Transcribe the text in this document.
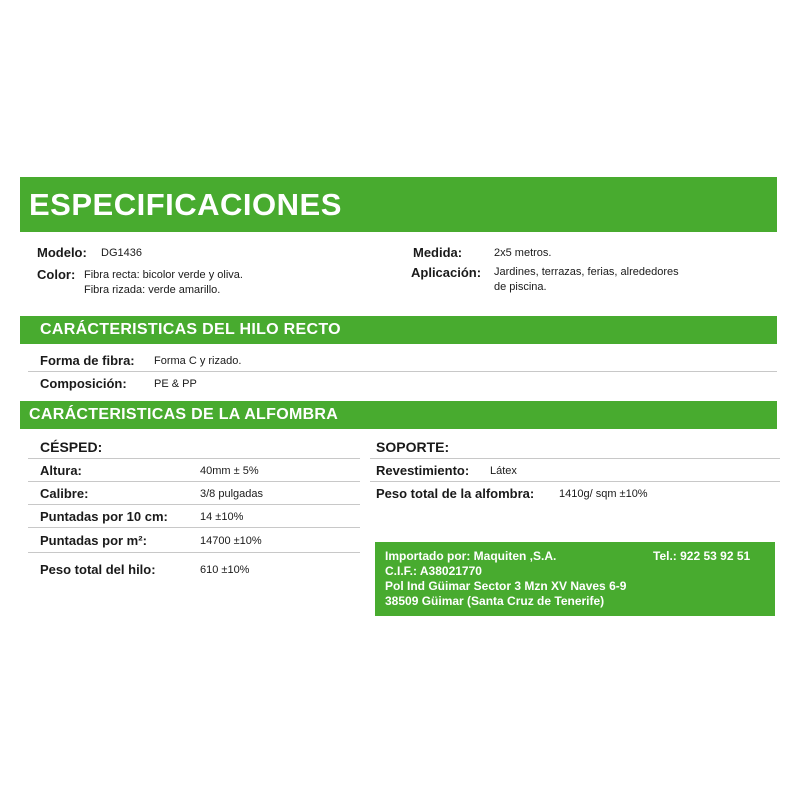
ESPECIFICACIONES
Modelo: DG1436
Color: Fibra recta: bicolor verde y oliva.
Fibra rizada: verde amarillo.
Medida:	2x5 metros.
Aplicación: Jardines, terrazas, ferias, alrededores
de piscina.
CARÁCTERISTICAS DEL HILO RECTO
Forma de fibra: Forma C y rizado.
Composición: PE & PP
CARÁCTERISTICAS DE LA ALFOMBRA
CÉSPED:
Altura:	40mm ± 5%
Calibre:	3/8 pulgadas
Puntadas por 10 cm:	14 ±10%
Puntadas por m²:	14700 ±10%
Peso total del hilo:	610 ±10%
SOPORTE:
Revestimiento: Látex
Peso total de la alfombra: 1410g/ sqm ±10%
Importado por: Maquiten ,S.A.	Tel.: 922 53 92 51
C.I.F.: A38021770
Pol Ind Güimar Sector 3 Mzn XV Naves 6-9
38509 Güimar (Santa Cruz de Tenerife)
